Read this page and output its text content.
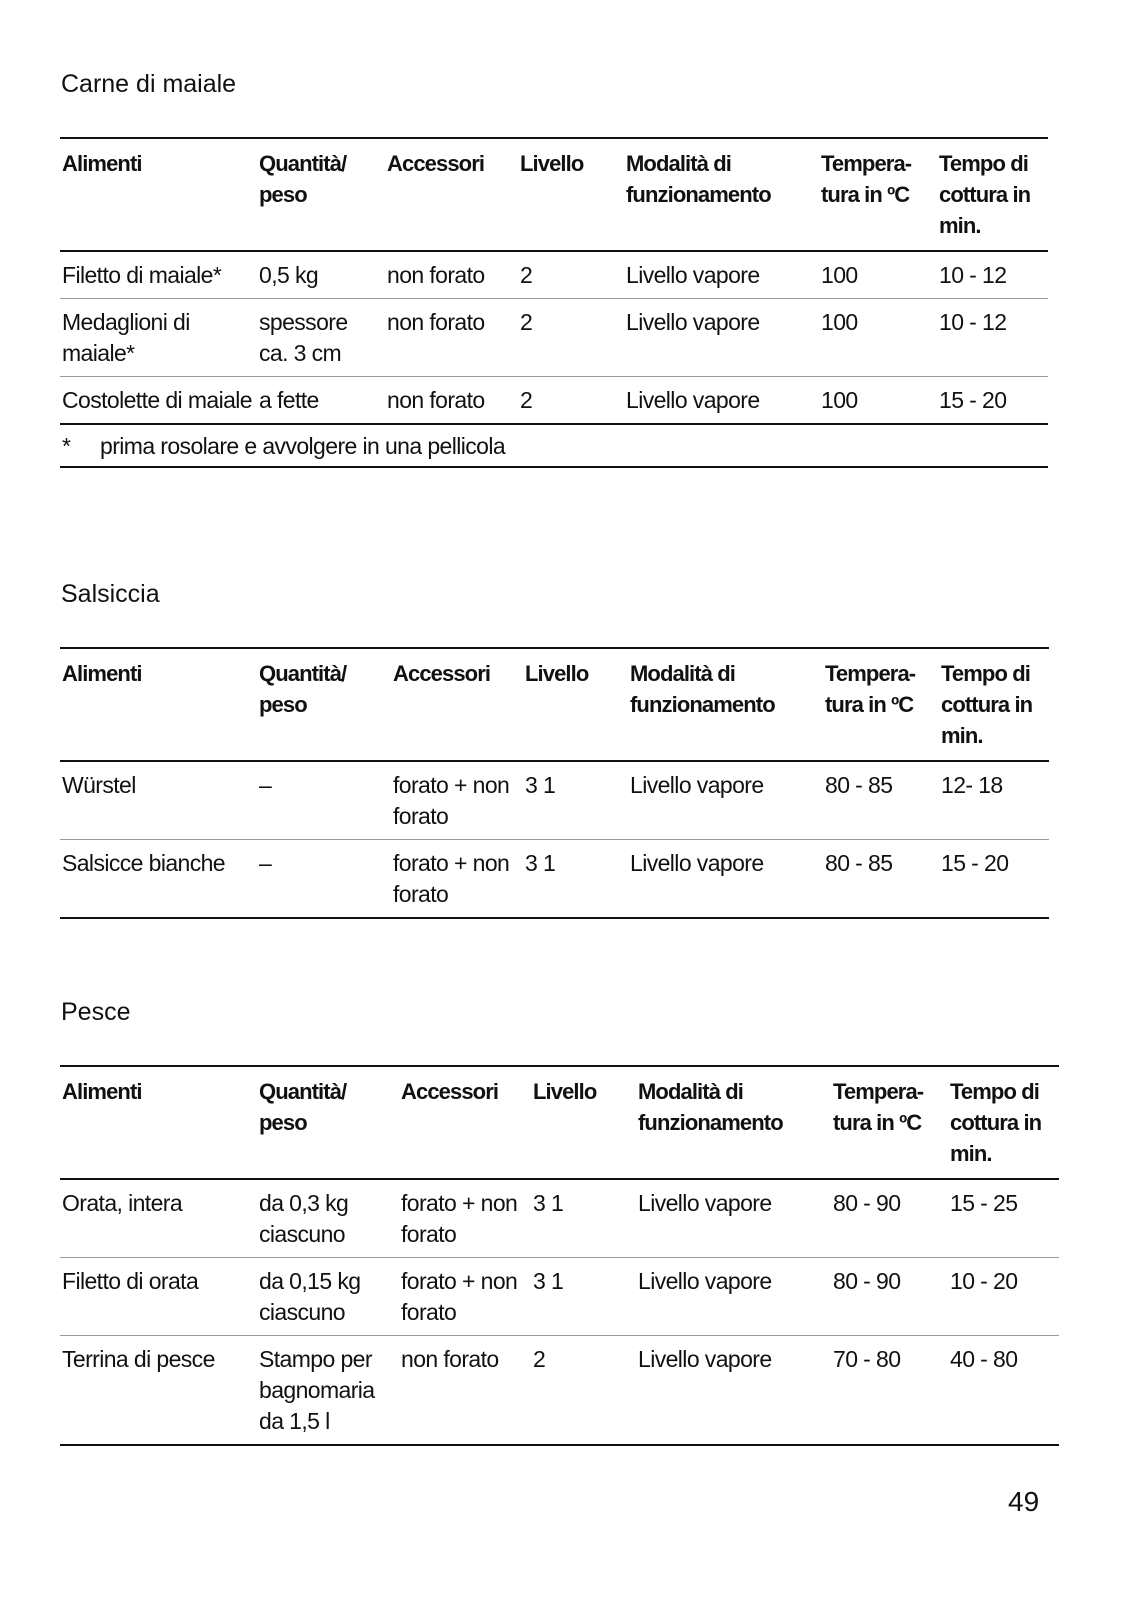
Carne di maiale
Alimenti	Quantità/ peso	Accessori	Livello	Modalità di funzionamento	Tempera- tura in ºC	Tempo di cottura in min.
Filetto di maiale*	0,5 kg	non forato	2	Livello vapore	100	10 - 12
Medaglioni di maiale*	spessore ca. 3 cm	non forato	2	Livello vapore	100	10 - 12
Costolette di maiale	a fette	non forato	2	Livello vapore	100	15 - 20
* prima rosolare e avvolgere in una pellicola						
Salsiccia
Alimenti	Quantità/ peso	Accessori	Livello	Modalità di funzionamento	Tempera- tura in ºC	Tempo di cottura in min.
Würstel	–	forato + non forato	3 1	Livello vapore	80 - 85	12- 18
Salsicce bianche	–	forato + non forato	3 1	Livello vapore	80 - 85	15 - 20
Pesce
Alimenti	Quantità/ peso	Accessori	Livello	Modalità di funzionamento	Tempera- tura in ºC	Tempo di cottura in min.
Orata, intera	da 0,3 kg ciascuno	forato + non forato	3 1	Livello vapore	80 - 90	15 - 25
Filetto di orata	da 0,15 kg ciascuno	forato + non forato	3 1	Livello vapore	80 - 90	10 - 20
Terrina di pesce	Stampo per bagnomaria da 1,5 l	non forato	2	Livello vapore	70 - 80	40 - 80
49
